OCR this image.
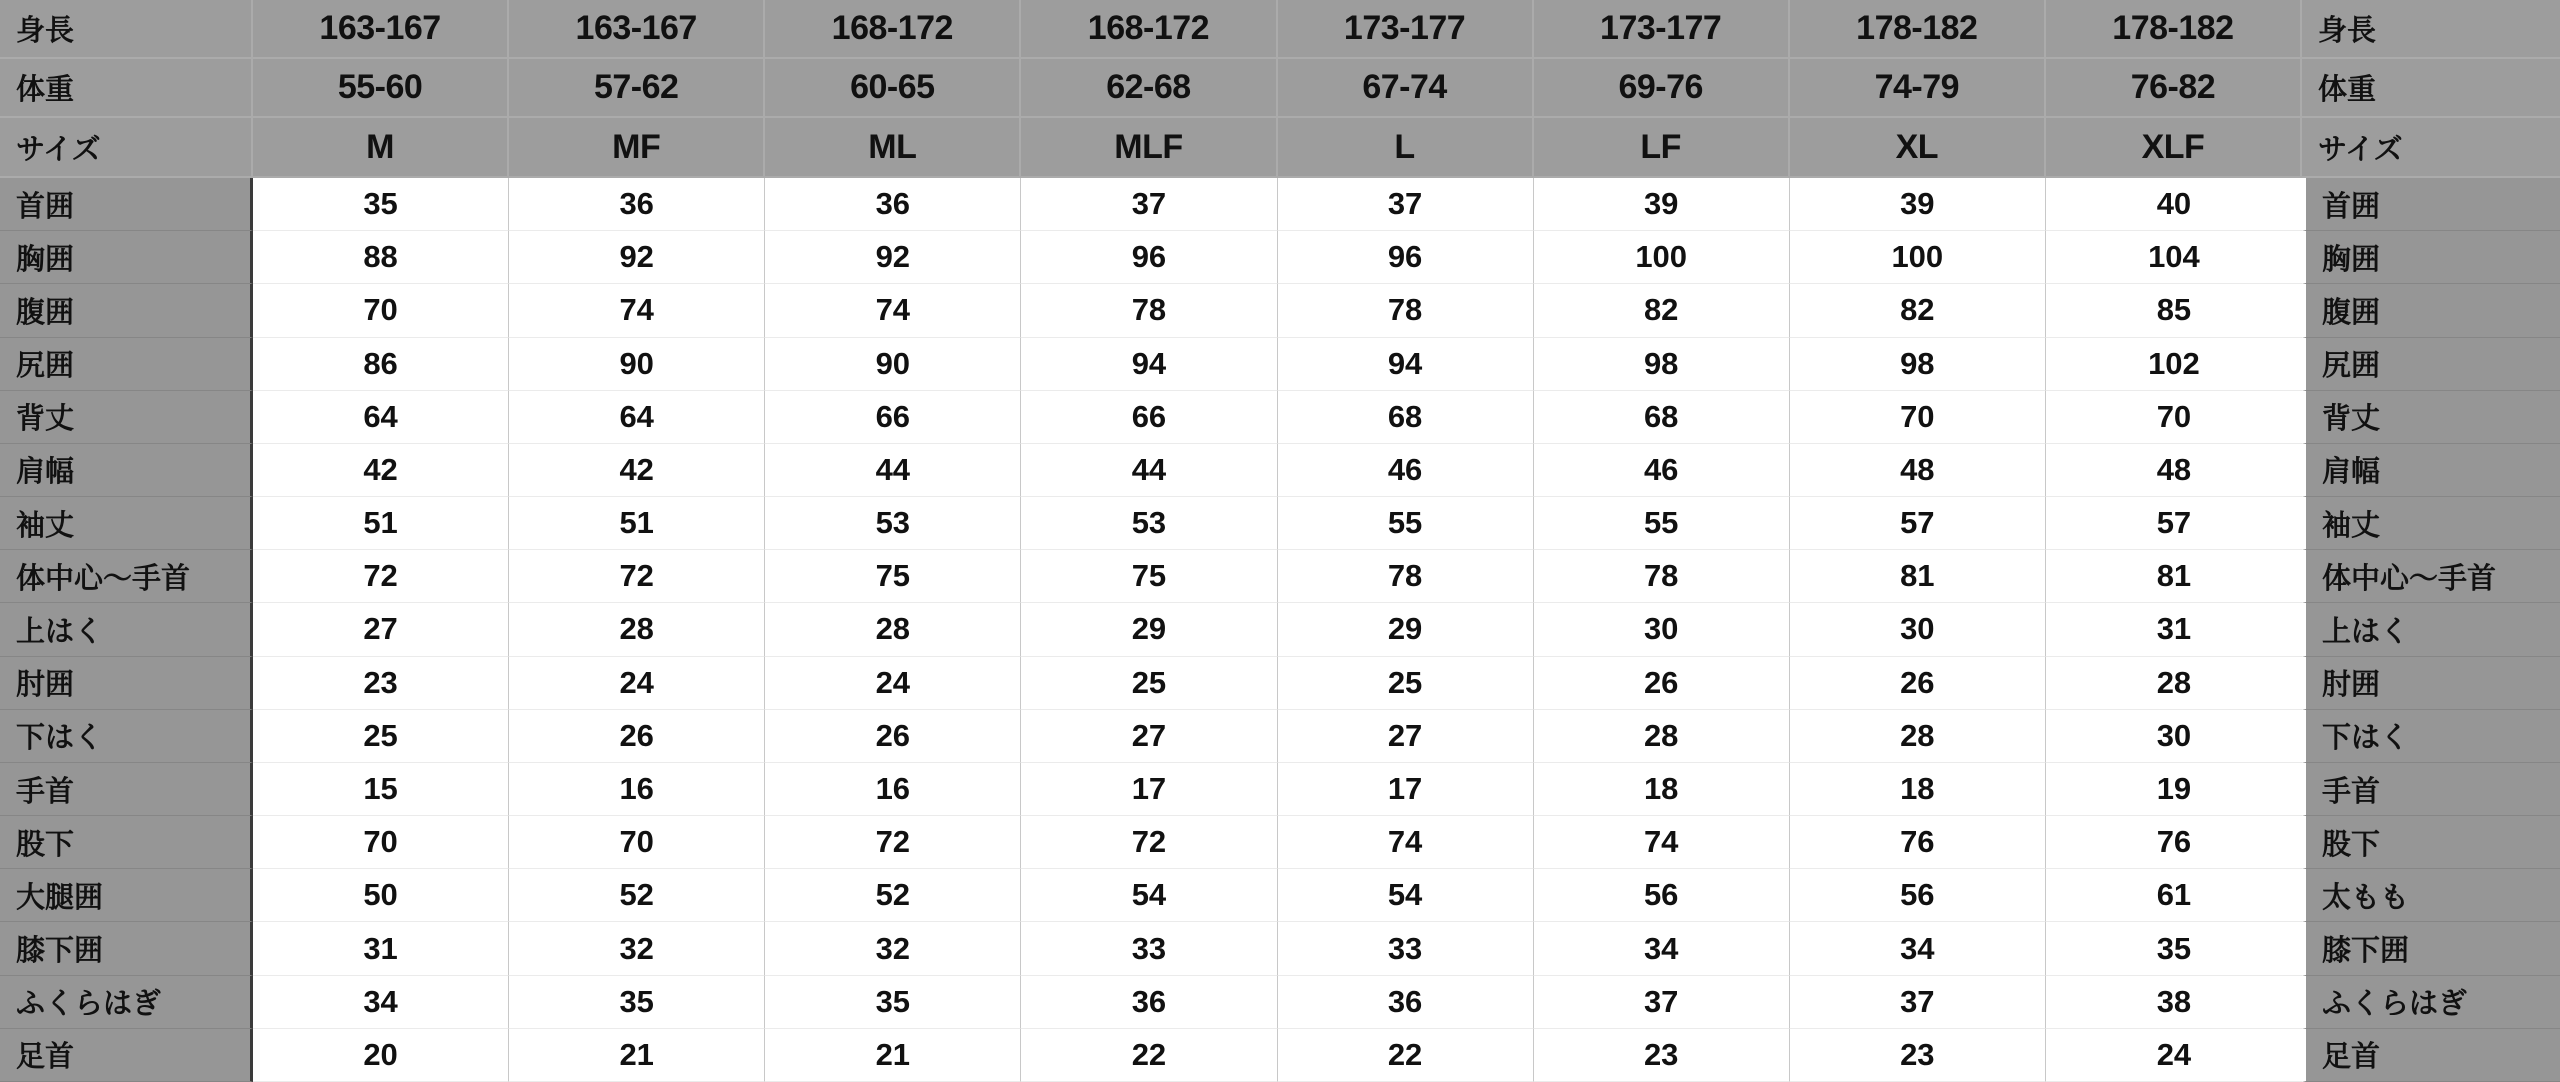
身長	163-167	163-167	168-172	168-172	173-177	173-177	178-182	178-182	身長
体重	55-60	57-62	60-65	62-68	67-74	69-76	74-79	76-82	体重
サイズ	M	MF	ML	MLF	L	LF	XL	XLF	サイズ
首囲	35	36	36	37	37	39	39	40	首囲
胸囲	88	92	92	96	96	100	100	104	胸囲
腹囲	70	74	74	78	78	82	82	85	腹囲
尻囲	86	90	90	94	94	98	98	102	尻囲
背丈	64	64	66	66	68	68	70	70	背丈
肩幅	42	42	44	44	46	46	48	48	肩幅
袖丈	51	51	53	53	55	55	57	57	袖丈
体中心〜手首	72	72	75	75	78	78	81	81	体中心〜手首
上はく	27	28	28	29	29	30	30	31	上はく
肘囲	23	24	24	25	25	26	26	28	肘囲
下はく	25	26	26	27	27	28	28	30	下はく
手首	15	16	16	17	17	18	18	19	手首
股下	70	70	72	72	74	74	76	76	股下
大腿囲	50	52	52	54	54	56	56	61	太もも
膝下囲	31	32	32	33	33	34	34	35	膝下囲
ふくらはぎ	34	35	35	36	36	37	37	38	ふくらはぎ
足首	20	21	21	22	22	23	23	24	足首
